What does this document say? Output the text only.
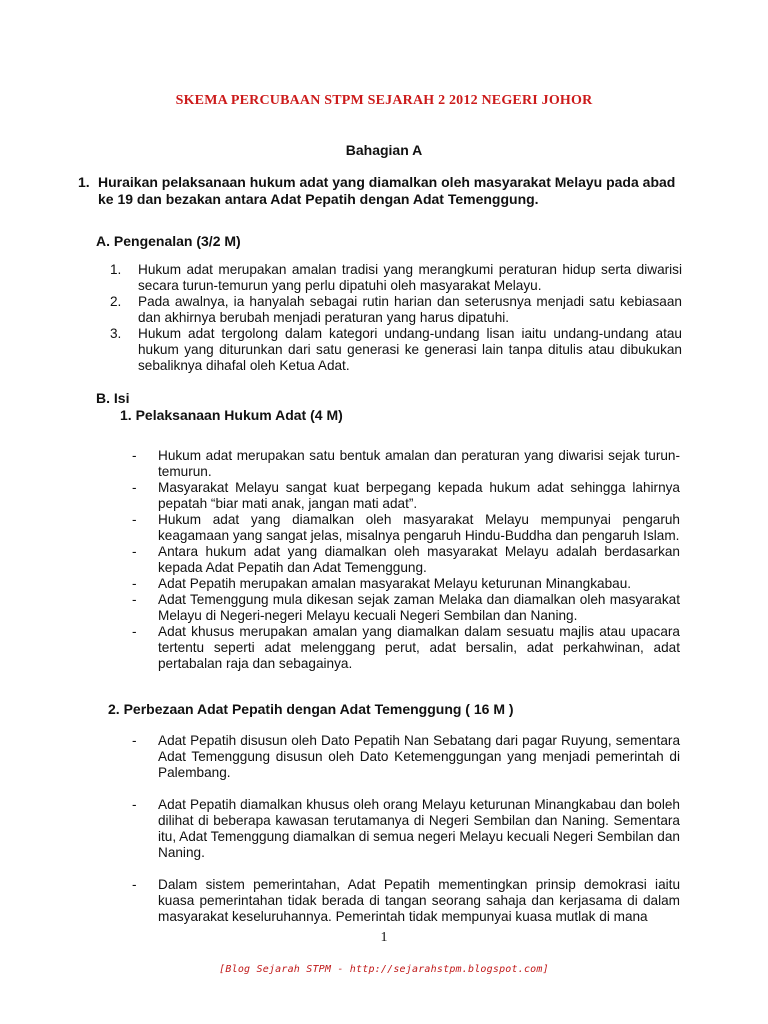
SKEMA PERCUBAAN STPM SEJARAH 2 2012 NEGERI JOHOR
Bahagian A
1. Huraikan pelaksanaan hukum adat yang diamalkan oleh masyarakat Melayu pada abad ke 19 dan bezakan antara Adat Pepatih dengan Adat Temenggung.
A. Pengenalan (3/2 M)
1. Hukum adat merupakan amalan tradisi yang merangkumi peraturan hidup serta diwarisi secara turun-temurun yang perlu dipatuhi oleh masyarakat Melayu.
2. Pada awalnya, ia hanyalah sebagai rutin harian dan seterusnya menjadi satu kebiasaan dan akhirnya berubah menjadi peraturan yang harus dipatuhi.
3. Hukum adat tergolong dalam kategori undang-undang lisan iaitu undang-undang atau hukum yang diturunkan dari satu generasi ke generasi lain tanpa ditulis atau dibukukan sebaliknya dihafal oleh Ketua Adat.
B. Isi
1. Pelaksanaan Hukum Adat (4 M)
- Hukum adat merupakan satu bentuk amalan dan peraturan yang diwarisi sejak turun-temurun.
- Masyarakat Melayu sangat kuat berpegang kepada hukum adat sehingga lahirnya pepatah “biar mati anak, jangan mati adat”.
- Hukum adat yang diamalkan oleh masyarakat Melayu mempunyai pengaruh keagamaan yang sangat jelas, misalnya pengaruh Hindu-Buddha dan pengaruh Islam.
- Antara hukum adat yang diamalkan oleh masyarakat Melayu adalah berdasarkan kepada Adat Pepatih dan Adat Temenggung.
- Adat Pepatih merupakan amalan masyarakat Melayu keturunan Minangkabau.
- Adat Temenggung mula dikesan sejak zaman Melaka dan diamalkan oleh masyarakat Melayu di Negeri-negeri Melayu kecuali Negeri Sembilan dan Naning.
- Adat khusus merupakan amalan yang diamalkan dalam sesuatu majlis atau upacara tertentu seperti adat melenggang perut, adat bersalin, adat perkahwinan, adat pertabalan raja dan sebagainya.
2. Perbezaan Adat Pepatih dengan Adat Temenggung ( 16 M )
- Adat Pepatih disusun oleh Dato Pepatih Nan Sebatang dari pagar Ruyung, sementara Adat Temenggung disusun oleh Dato Ketemenggungan yang menjadi pemerintah di Palembang.
- Adat Pepatih diamalkan khusus oleh orang Melayu keturunan Minangkabau dan boleh dilihat di beberapa kawasan terutamanya di Negeri Sembilan dan Naning. Sementara itu, Adat Temenggung diamalkan di semua negeri Melayu kecuali Negeri Sembilan dan Naning.
- Dalam sistem pemerintahan, Adat Pepatih mementingkan prinsip demokrasi iaitu kuasa pemerintahan tidak berada di tangan seorang sahaja dan kerjasama di dalam masyarakat keseluruhannya. Pemerintah tidak mempunyai kuasa mutlak di mana
1
[Blog Sejarah STPM - http://sejarahstpm.blogspot.com]
